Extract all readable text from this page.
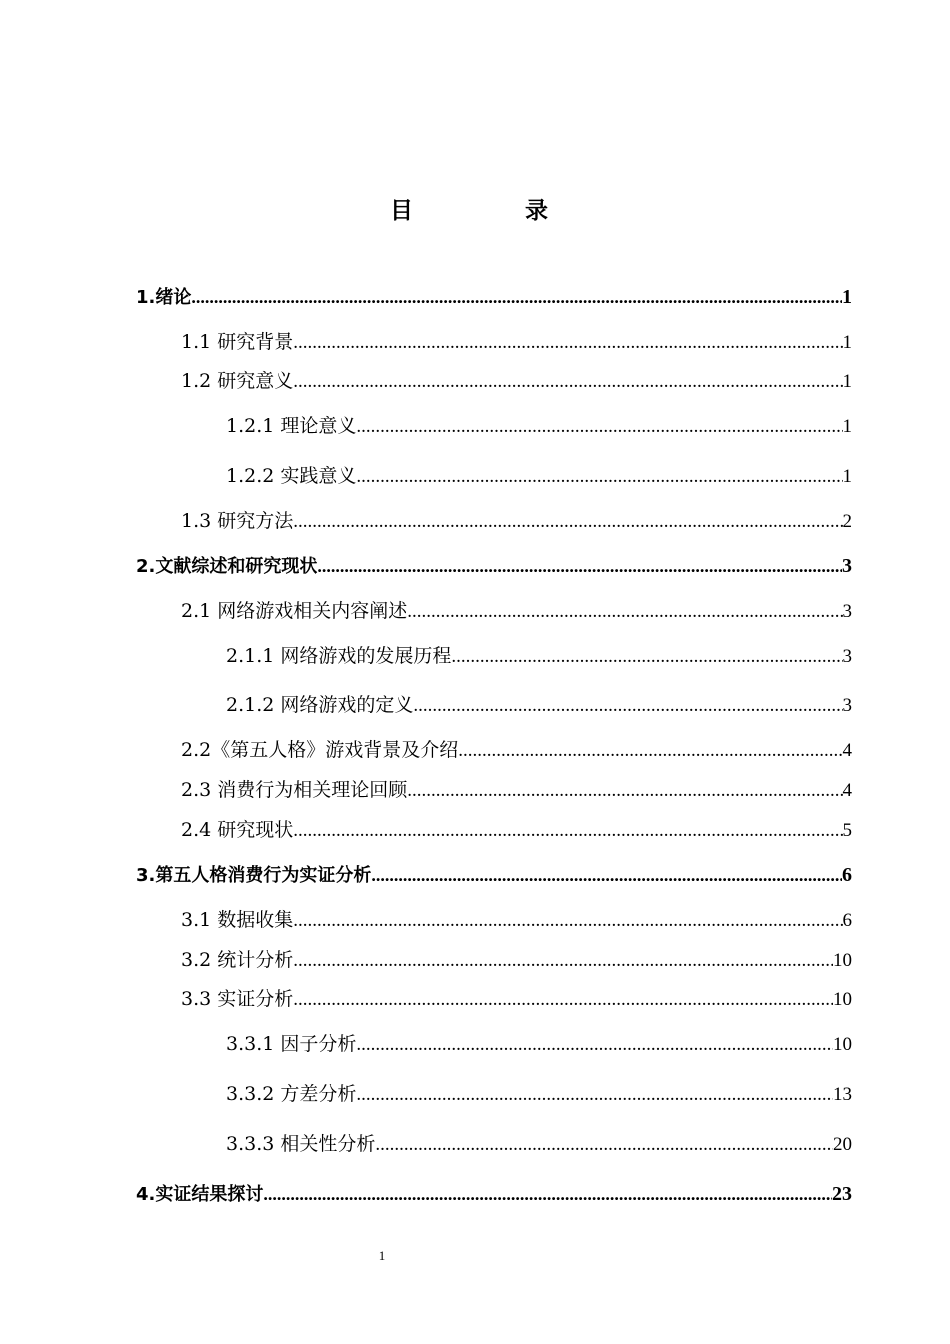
目 录
1.绪论 .....	1
1.1 研究背景 .....	1
1.2 研究意义 .....	1
1.2.1 理论意义 .....	1
1.2.2 实践意义 .....	1
1.3 研究方法 .....	2
2.文献综述和研究现状 .....	3
2.1 网络游戏相关内容阐述 .....	3
2.1.1 网络游戏的发展历程 .....	3
2.1.2 网络游戏的定义 .....	3
2.2《第五人格》游戏背景及介绍 .....	4
2.3 消费行为相关理论回顾 .....	4
2.4 研究现状 .....	5
3.第五人格消费行为实证分析 .....	6
3.1 数据收集 .....	6
3.2 统计分析 .....	10
3.3 实证分析 .....	10
3.3.1 因子分析 .....	10
3.3.2 方差分析 .....	13
3.3.3 相关性分析 .....	20
4.实证结果探讨 .....	23
1
